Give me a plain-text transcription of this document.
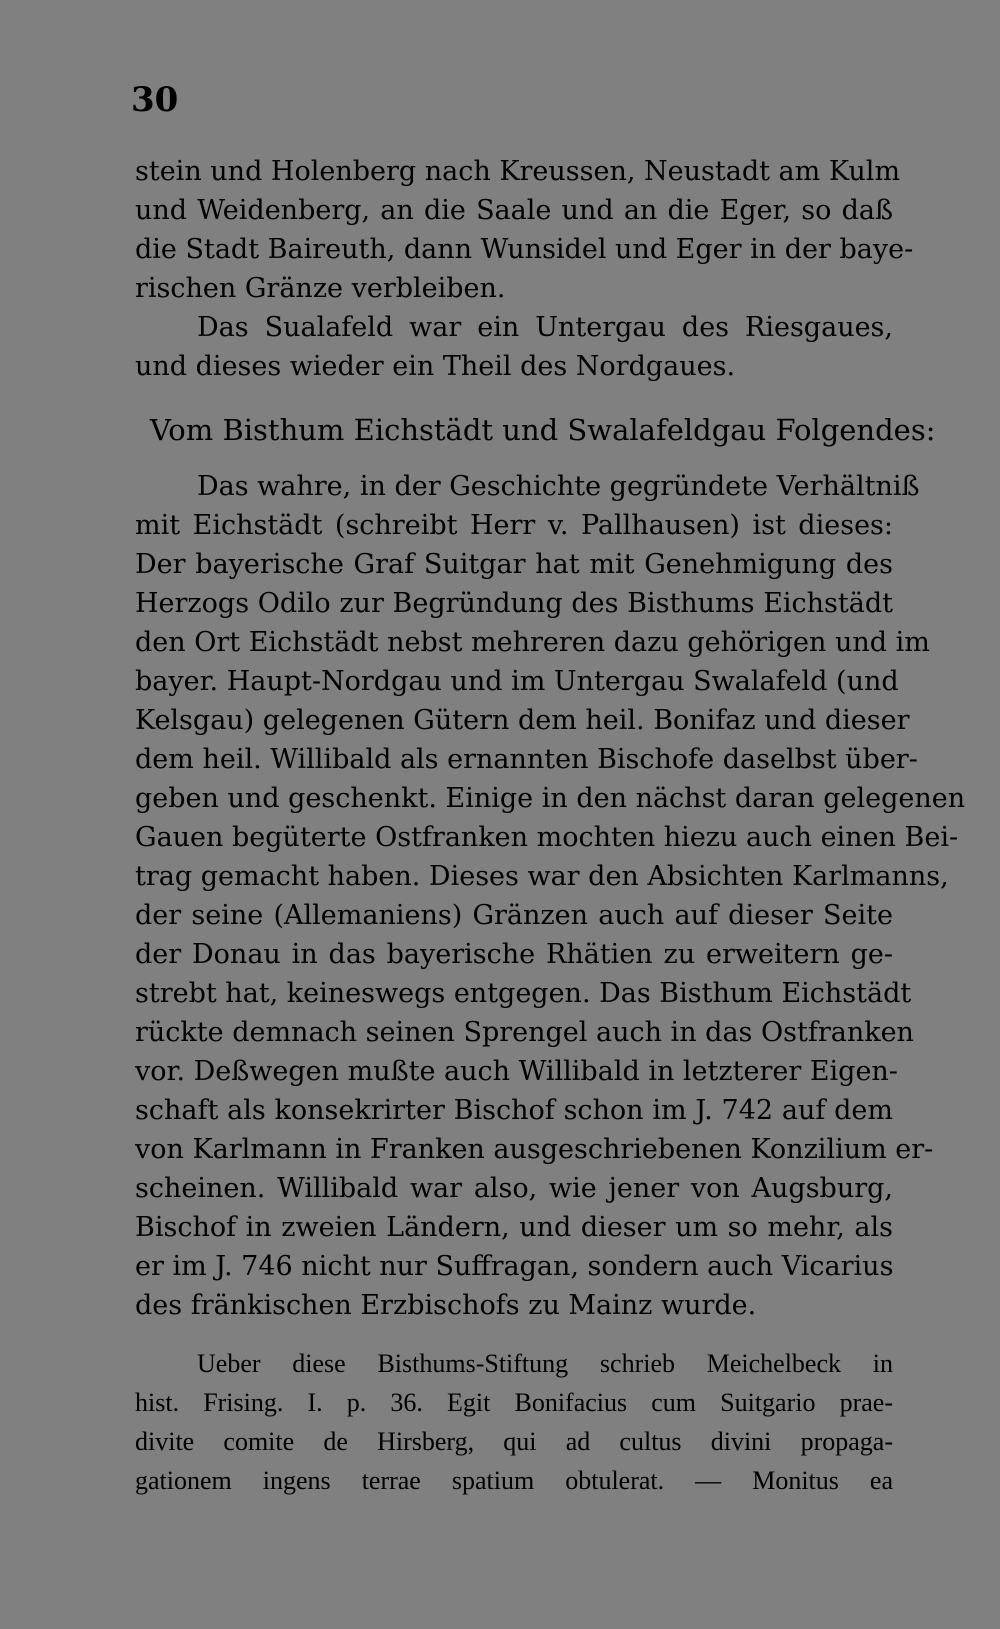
30
stein und Holenberg nach Kreussen, Neustadt am Kulm
und Weidenberg, an die Saale und an die Eger, so daß
die Stadt Baireuth, dann Wunsidel und Eger in der baye-
rischen Gränze verbleiben.
Das Sualafeld war ein Untergau des Riesgaues,
und dieses wieder ein Theil des Nordgaues.
Vom Bisthum Eichstädt und Swalafeldgau Folgendes:
Das wahre, in der Geschichte gegründete Verhältniß
mit Eichstädt (schreibt Herr v. Pallhausen) ist dieses:
Der bayerische Graf Suitgar hat mit Genehmigung des
Herzogs Odilo zur Begründung des Bisthums Eichstädt
den Ort Eichstädt nebst mehreren dazu gehörigen und im
bayer. Haupt-Nordgau und im Untergau Swalafeld (und
Kelsgau) gelegenen Gütern dem heil. Bonifaz und dieser
dem heil. Willibald als ernannten Bischofe daselbst über-
geben und geschenkt. Einige in den nächst daran gelegenen
Gauen begüterte Ostfranken mochten hiezu auch einen Bei-
trag gemacht haben. Dieses war den Absichten Karlmanns,
der seine (Allemaniens) Gränzen auch auf dieser Seite
der Donau in das bayerische Rhätien zu erweitern ge-
strebt hat, keineswegs entgegen. Das Bisthum Eichstädt
rückte demnach seinen Sprengel auch in das Ostfranken
vor. Deßwegen mußte auch Willibald in letzterer Eigen-
schaft als konsekrirter Bischof schon im J. 742 auf dem
von Karlmann in Franken ausgeschriebenen Konzilium er-
scheinen. Willibald war also, wie jener von Augsburg,
Bischof in zweien Ländern, und dieser um so mehr, als
er im J. 746 nicht nur Suffragan, sondern auch Vicarius
des fränkischen Erzbischofs zu Mainz wurde.
Ueber diese Bisthums-Stiftung schrieb Meichelbeck in
hist. Frising. I. p. 36. Egit Bonifacius cum Suitgario prae-
divite comite de Hirsberg, qui ad cultus divini propaga-
gationem ingens terrae spatium obtulerat. — Monitus ea
